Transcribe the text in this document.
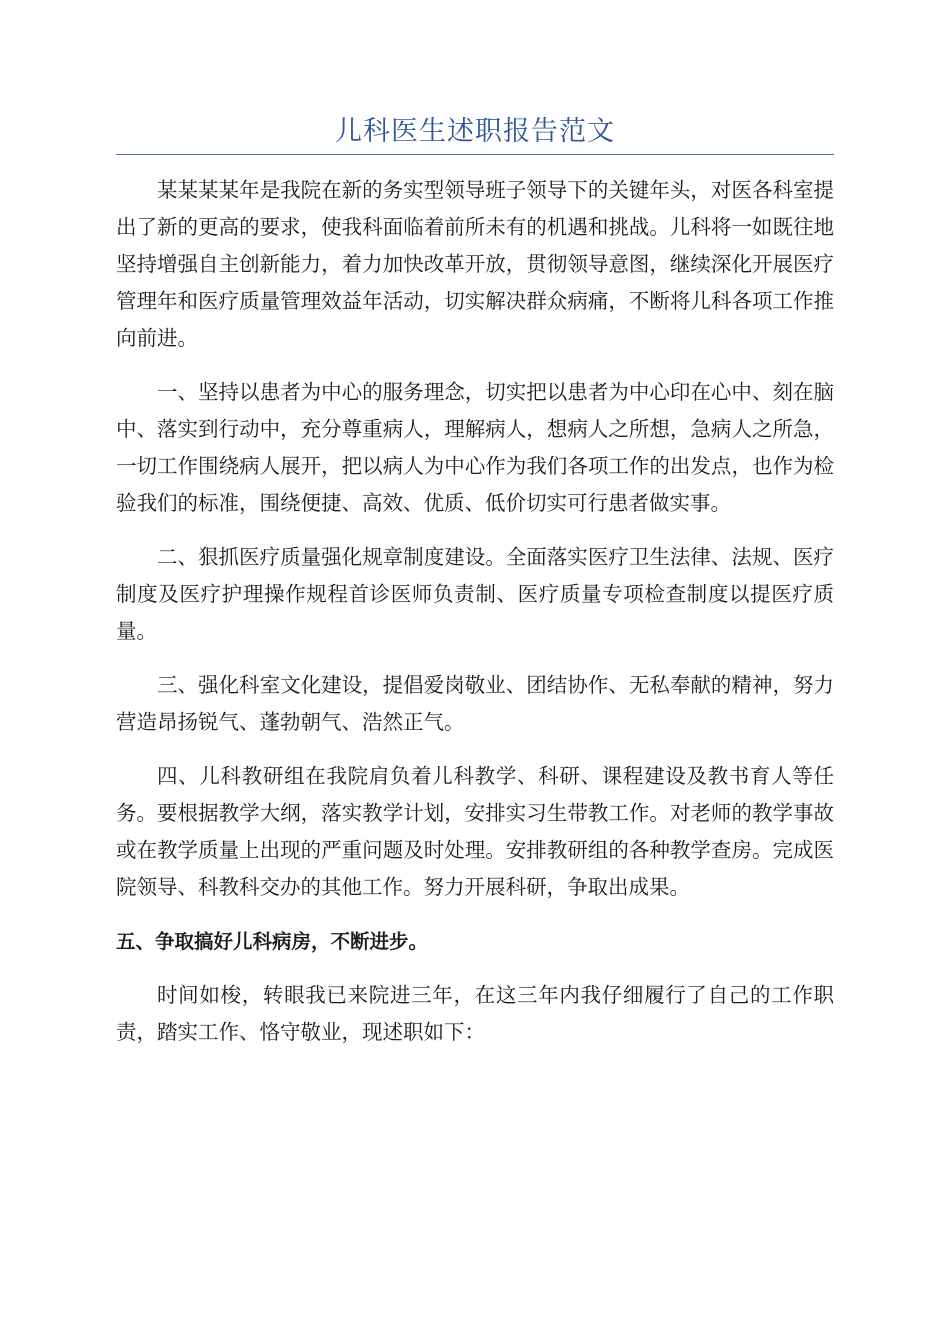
儿科医生述职报告范文

某某某某年是我院在新的务实型领导班子领导下的关键年头，对医各科室提出了新的更高的要求，使我科面临着前所未有的机遇和挑战。儿科将一如既往地坚持增强自主创新能力，着力加快改革开放，贯彻领导意图，继续深化开展医疗管理年和医疗质量管理效益年活动，切实解决群众病痛，不断将儿科各项工作推向前进。

一、坚持以患者为中心的服务理念，切实把以患者为中心印在心中、刻在脑中、落实到行动中，充分尊重病人，理解病人，想病人之所想，急病人之所急，一切工作围绕病人展开，把以病人为中心作为我们各项工作的出发点，也作为检验我们的标准，围绕便捷、高效、优质、低价切实可行患者做实事。

二、狠抓医疗质量强化规章制度建设。全面落实医疗卫生法律、法规、医疗制度及医疗护理操作规程首诊医师负责制、医疗质量专项检查制度以提医疗质量。

三、强化科室文化建设，提倡爱岗敬业、团结协作、无私奉献的精神，努力营造昂扬锐气、蓬勃朝气、浩然正气。

四、儿科教研组在我院肩负着儿科教学、科研、课程建设及教书育人等任务。要根据教学大纲，落实教学计划，安排实习生带教工作。对老师的教学事故或在教学质量上出现的严重问题及时处理。安排教研组的各种教学查房。完成医院领导、科教科交办的其他工作。努力开展科研，争取出成果。

五、争取搞好儿科病房，不断进步。

时间如梭，转眼我已来院进三年，在这三年内我仔细履行了自己的工作职责，踏实工作、恪守敬业，现述职如下：
